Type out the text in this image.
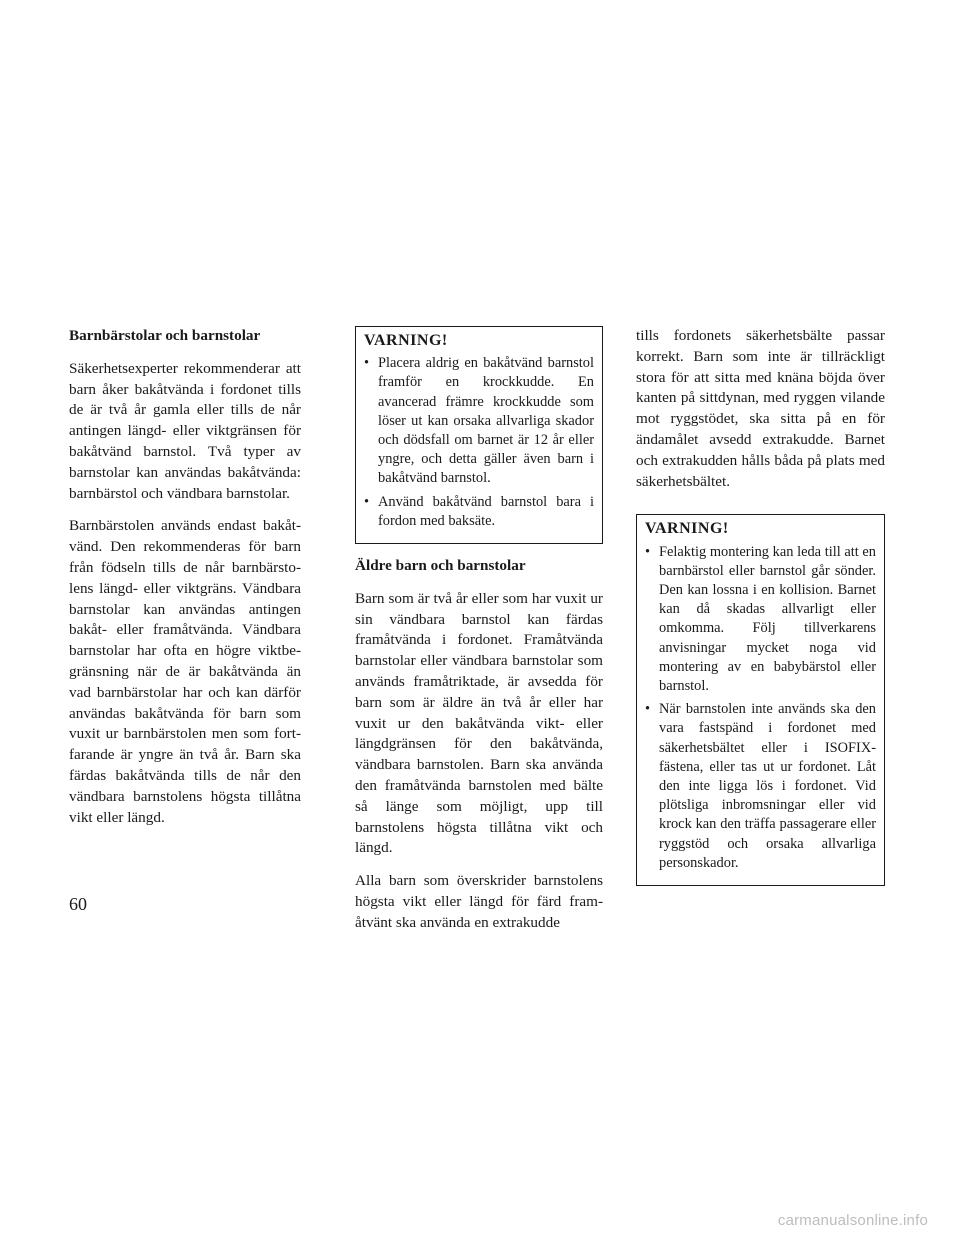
Barnbärstolar och barnstolar

Säkerhetsexperter rekommenderar att barn åker bakåtvända i fordonet tills de är två år gamla eller tills de når antingen längd- eller viktgränsen för bakåtvänd barnstol. Två typer av barnstolar kan användas bakåtvända: barnbärstol och vändbara barnstolar.

Barnbärstolen används endast bakåtvänd. Den rekommenderas för barn från födseln tills de når barnbärstolens längd- eller viktgräns. Vändbara barnstolar kan användas antingen bakåt- eller framåtvända. Vändbara barnstolar har ofta en högre viktbegränsning när de är bakåtvända än vad barnbärstolar har och kan därför användas bakåtvända för barn som vuxit ur barnbärstolen men som fortfarande är yngre än två år. Barn ska färdas bakåtvända tills de når den vändbara barnstolens högsta tillåtna vikt eller längd.

VARNING!
• Placera aldrig en bakåtvänd barnstol framför en krockkudde. En avancerad främre krockkudde som löser ut kan orsaka allvarliga skador och dödsfall om barnet är 12 år eller yngre, och detta gäller även barn i bakåtvänd barnstol.
• Använd bakåtvänd barnstol bara i fordon med baksäte.

Äldre barn och barnstolar

Barn som är två år eller som har vuxit ur sin vändbara barnstol kan färdas framåtvända i fordonet. Framåtvända barnstolar eller vändbara barnstolar som används framåtriktade, är avsedda för barn som är äldre än två år eller har vuxit ur den bakåtvända vikt- eller längdgränsen för den bakåtvända, vändbara barnstolen. Barn ska använda den framåtvända barnstolen med bälte så länge som möjligt, upp till barnstolens högsta tillåtna vikt och längd.

Alla barn som överskrider barnstolens högsta vikt eller längd för färd framåtvänt ska använda en extrakudde

tills fordonets säkerhetsbälte passar korrekt. Barn som inte är tillräckligt stora för att sitta med knäna böjda över kanten på sittdynan, med ryggen vilande mot ryggstödet, ska sitta på en för ändamålet avsedd extrakudde. Barnet och extrakudden hålls båda på plats med säkerhetsbältet.

VARNING!
• Felaktig montering kan leda till att en barnbärstol eller barnstol går sönder. Den kan lossna i en kollision. Barnet kan då skadas allvarligt eller omkomma. Följ tillverkarens anvisningar mycket noga vid montering av en babybärstol eller barnstol.
• När barnstolen inte används ska den vara fastspänd i fordonet med säkerhetsbältet eller i ISOFIX-fästena, eller tas ut ur fordonet. Låt den inte ligga lös i fordonet. Vid plötsliga inbromsningar eller vid krock kan den träffa passagerare eller ryggstöd och orsaka allvarliga personskador.
60
carmanualsonline.info
